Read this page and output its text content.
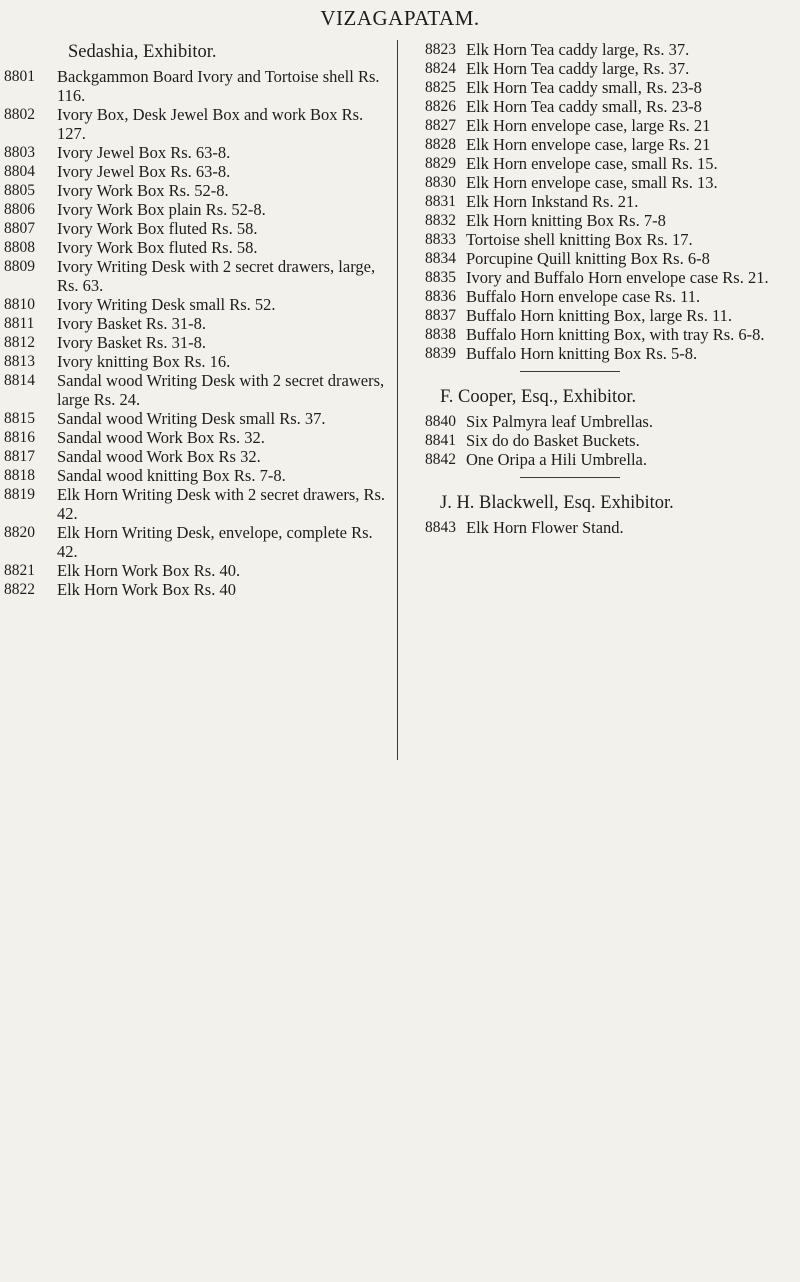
VIZAGAPATAM.
Sedashia, Exhibitor.
8801	Backgammon Board Ivory and Tortoise shell Rs. 116.
8802	Ivory Box, Desk Jewel Box and work Box Rs. 127.
8803	Ivory Jewel Box Rs. 63-8.
8804	Ivory Jewel Box Rs. 63-8.
8805	Ivory Work Box Rs. 52-8.
8806	Ivory Work Box plain Rs. 52-8.
8807	Ivory Work Box fluted Rs. 58.
8808	Ivory Work Box fluted Rs. 58.
8809	Ivory Writing Desk with 2 secret drawers, large, Rs. 63.
8810	Ivory Writing Desk small Rs. 52.
8811	Ivory Basket Rs. 31-8.
8812	Ivory Basket Rs. 31-8.
8813	Ivory knitting Box Rs. 16.
8814	Sandal wood Writing Desk with 2 secret drawers, large Rs. 24.
8815	Sandal wood Writing Desk small Rs. 37.
8816	Sandal wood Work Box Rs. 32.
8817	Sandal wood Work Box Rs 32.
8818	Sandal wood knitting Box Rs. 7-8.
8819	Elk Horn Writing Desk with 2 secret drawers, Rs. 42.
8820	Elk Horn Writing Desk, envelope, complete Rs. 42.
8821	Elk Horn Work Box Rs. 40.
8822	Elk Horn Work Box Rs. 40
8823 Elk Horn Tea caddy large, Rs. 37.
8824 Elk Horn Tea caddy large, Rs. 37.
8825 Elk Horn Tea caddy small, Rs. 23-8
8826 Elk Horn Tea caddy small, Rs. 23-8
8827 Elk Horn envelope case, large Rs. 21
8828 Elk Horn envelope case, large Rs. 21
8829 Elk Horn envelope case, small Rs. 15.
8830 Elk Horn envelope case, small Rs. 13.
8831 Elk Horn Inkstand Rs. 21.
8832 Elk Horn knitting Box Rs. 7-8
8833 Tortoise shell knitting Box Rs. 17.
8834 Porcupine Quill knitting Box Rs. 6-8
8835 Ivory and Buffalo Horn envelope case Rs. 21.
8836 Buffalo Horn envelope case Rs. 11.
8837 Buffalo Horn knitting Box, large Rs. 11.
8838 Buffalo Horn knitting Box, with tray Rs. 6-8.
8839 Buffalo Horn knitting Box Rs. 5-8.
F. Cooper, Esq., Exhibitor.
8840 Six Palmyra leaf Umbrellas.
8841 Six do do Basket Buckets.
8842 One Oripa a Hili Umbrella.
J. H. Blackwell, Esq. Exhibitor.
8843 Elk Horn Flower Stand.
